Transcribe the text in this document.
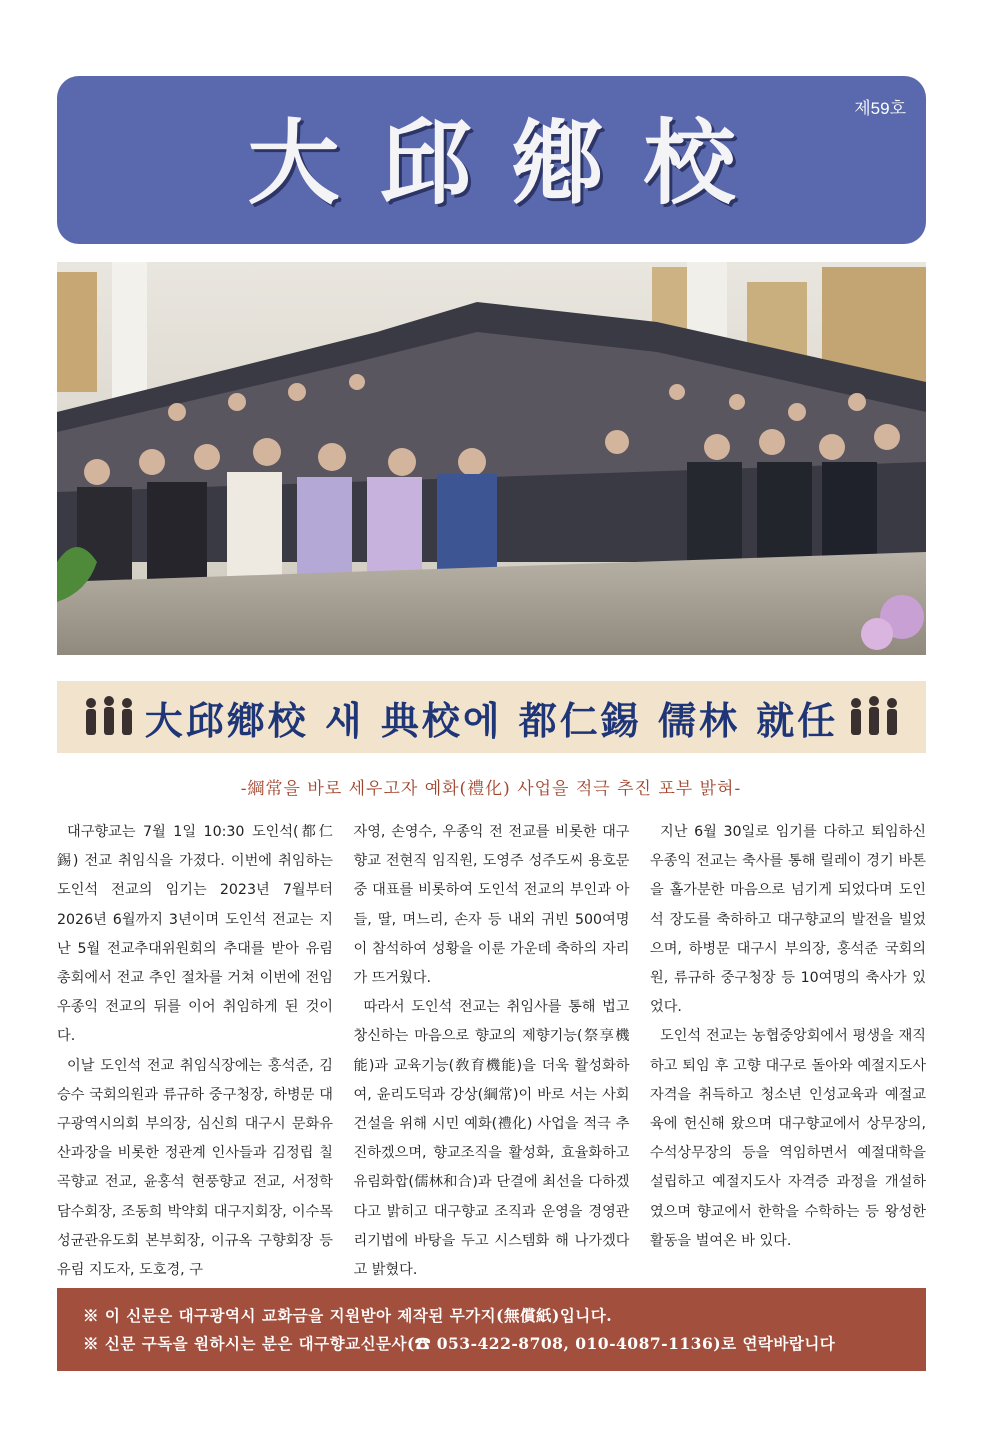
大邱鄕校
제59호
■
■
■
■
■
大邱鄕校 새 典校에 都仁錫 儒林 就任
-綱常을 바로 세우고자 예화(禮化) 사업을 적극 추진 포부 밝혀-

대구향교는 7월 1일 10:30 도인석(都仁錫) 전교 취임식을 가졌다. 이번에 취임하는 도인석 전교의 임기는 2023년 7월부터 2026년 6월까지 3년이며 도인석 전교는 지난 5월 전교추대위원회의 추대를 받아 유림총회에서 전교 추인 절차를 거쳐 이번에 전임 우종익 전교의 뒤를 이어 취임하게 된 것이다.

이날 도인석 전교 취임식장에는 홍석준, 김승수 국회의원과 류규하 중구청장, 하병문 대구광역시의회 부의장, 심신희 대구시 문화유산과장을 비롯한 정관계 인사들과 김정립 칠곡향교 전교, 윤홍석 현풍향교 전교, 서정학 담수회장, 조동희 박약회 대구지회장, 이수목 성균관유도회 본부회장, 이규옥 구향회장 등 유림 지도자, 도호경, 구

자영, 손영수, 우종익 전 전교를 비롯한 대구향교 전현직 임직원, 도영주 성주도씨 용호문중 대표를 비롯하여 도인석 전교의 부인과 아들, 딸, 며느리, 손자 등 내외 귀빈 500여명이 참석하여 성황을 이룬 가운데 축하의 자리가 뜨거웠다.

따라서 도인석 전교는 취임사를 통해 법고창신하는 마음으로 향교의 제향기능(祭享機能)과 교육기능(敎育機能)을 더욱 활성화하여, 윤리도덕과 강상(綱常)이 바로 서는 사회 건설을 위해 시민 예화(禮化) 사업을 적극 추진하겠으며, 향교조직을 활성화, 효율화하고 유림화합(儒林和合)과 단결에 최선을 다하겠다고 밝히고 대구향교 조직과 운영을 경영관리기법에 바탕을 두고 시스템화 해 나가겠다고 밝혔다.

지난 6월 30일로 임기를 다하고 퇴임하신 우종익 전교는 축사를 통해 릴레이 경기 바톤을 홀가분한 마음으로 넘기게 되었다며 도인석 장도를 축하하고 대구향교의 발전을 빌었으며, 하병문 대구시 부의장, 홍석준 국회의원, 류규하 중구청장 등 10여명의 축사가 있었다.

도인석 전교는 농협중앙회에서 평생을 재직하고 퇴임 후 고향 대구로 돌아와 예절지도사 자격을 취득하고 청소년 인성교육과 예절교육에 헌신해 왔으며 대구향교에서 상무장의, 수석상무장의 등을 역임하면서 예절대학을 설립하고 예절지도사 자격증 과정을 개설하였으며 향교에서 한학을 수학하는 등 왕성한 활동을 벌여온 바 있다.

※ 이 신문은 대구광역시 교화금을 지원받아 제작된 무가지(無償紙)입니다.
※ 신문 구독을 원하시는 분은 대구향교신문사(☎ 053-422-8708, 010-4087-1136)로 연락바랍니다
